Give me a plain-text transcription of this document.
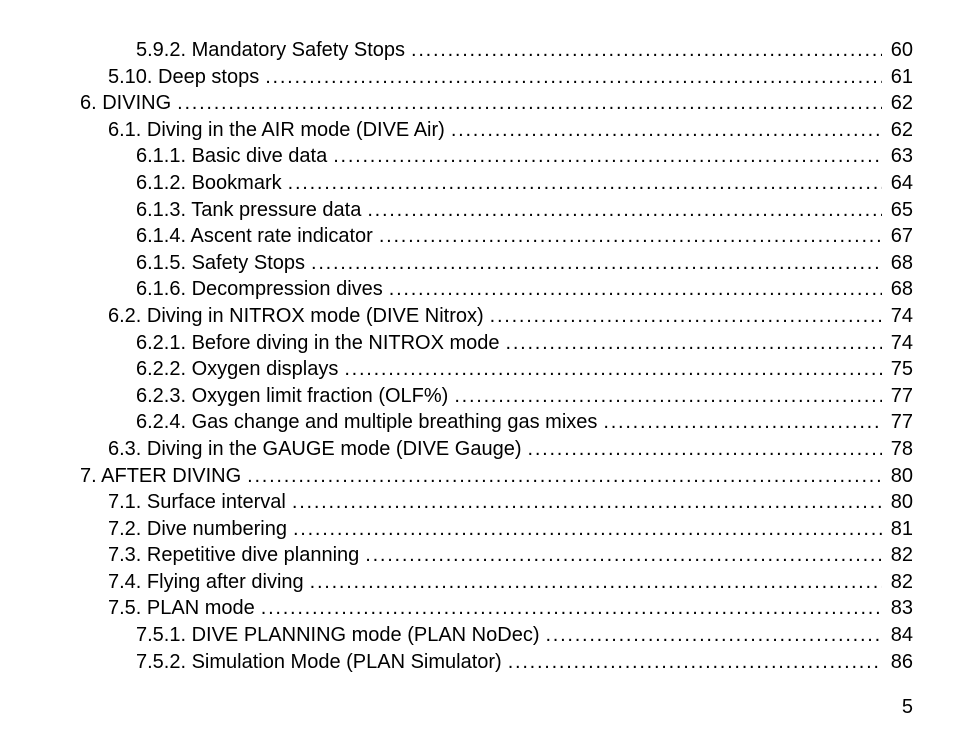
5.9.2. Mandatory Safety Stops . . .	60
5.10. Deep stops . . .	61
6. DIVING . . .	62
6.1. Diving in the AIR mode (DIVE Air) . . .	62
6.1.1. Basic dive data . . .	63
6.1.2. Bookmark . . .	64
6.1.3. Tank pressure data . . .	65
6.1.4. Ascent rate indicator . . .	67
6.1.5. Safety Stops . . .	68
6.1.6. Decompression dives . . .	68
6.2. Diving in NITROX mode (DIVE Nitrox) . . .	74
6.2.1. Before diving in the NITROX mode . . .	74
6.2.2. Oxygen displays . . .	75
6.2.3. Oxygen limit fraction (OLF%) . . .	77
6.2.4. Gas change and multiple breathing gas mixes . . .	77
6.3. Diving in the GAUGE mode (DIVE Gauge) . . .	78
7. AFTER DIVING . . .	80
7.1. Surface interval . . .	80
7.2. Dive numbering . . .	81
7.3. Repetitive dive planning . . .	82
7.4. Flying after diving . . .	82
7.5. PLAN mode . . .	83
7.5.1. DIVE PLANNING mode (PLAN NoDec) . . .	84
7.5.2. Simulation Mode (PLAN Simulator) . . .	86
5
